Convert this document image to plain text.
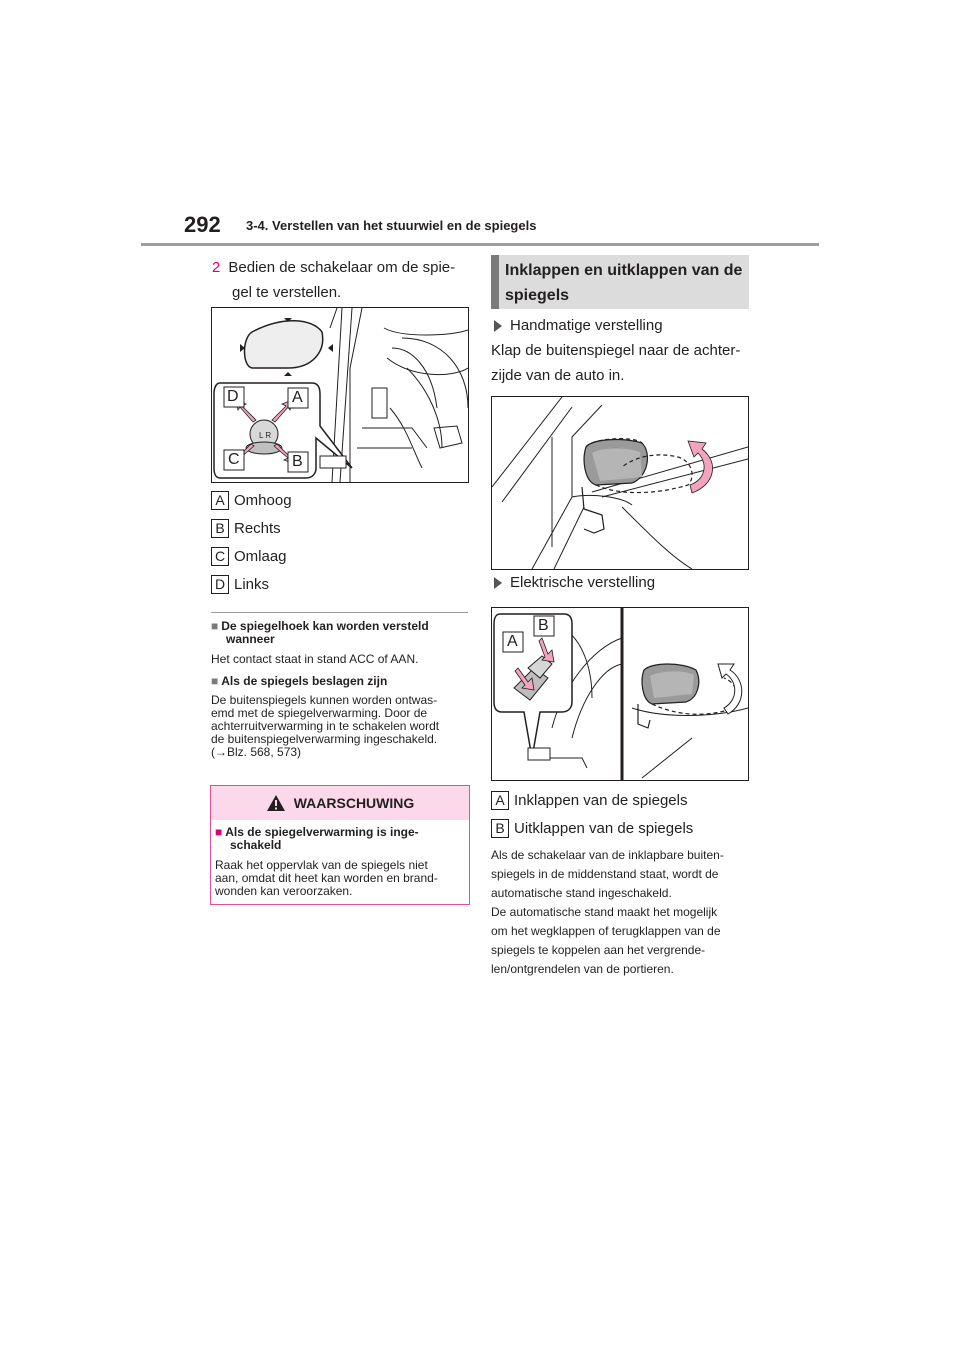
292 3-4. Verstellen van het stuurwiel en de spiegels
2 Bedien de schakelaar om de spie-
gel te verstellen.
L R
D	A
C	B
A Omhoog
B Rechts
C Omlaag
D Links
■ De spiegelhoek kan worden versteld
wanneer
Het contact staat in stand ACC of AAN.
■ Als de spiegels beslagen zijn
De buitenspiegels kunnen worden ontwas-
emd met de spiegelverwarming. Door de
achterruitverwarming in te schakelen wordt
de buitenspiegelverwarming ingeschakeld.
(→Blz. 568, 573)
WAARSCHUWING
■ Als de spiegelverwarming is inge-
schakeld
Raak het oppervlak van de spiegels niet
aan, omdat dit heet kan worden en brand-
wonden kan veroorzaken.
Inklappen en uitklappen van de
spiegels
Handmatige verstelling
Klap de buitenspiegel naar de achter-
zijde van de auto in.
Elektrische verstelling
A
B
A Inklappen van de spiegels
B Uitklappen van de spiegels
Als de schakelaar van de inklapbare buiten-
spiegels in de middenstand staat, wordt de
automatische stand ingeschakeld.
De automatische stand maakt het mogelijk
om het wegklappen of terugklappen van de
spiegels te koppelen aan het vergrende-
len/ontgrendelen van de portieren.
